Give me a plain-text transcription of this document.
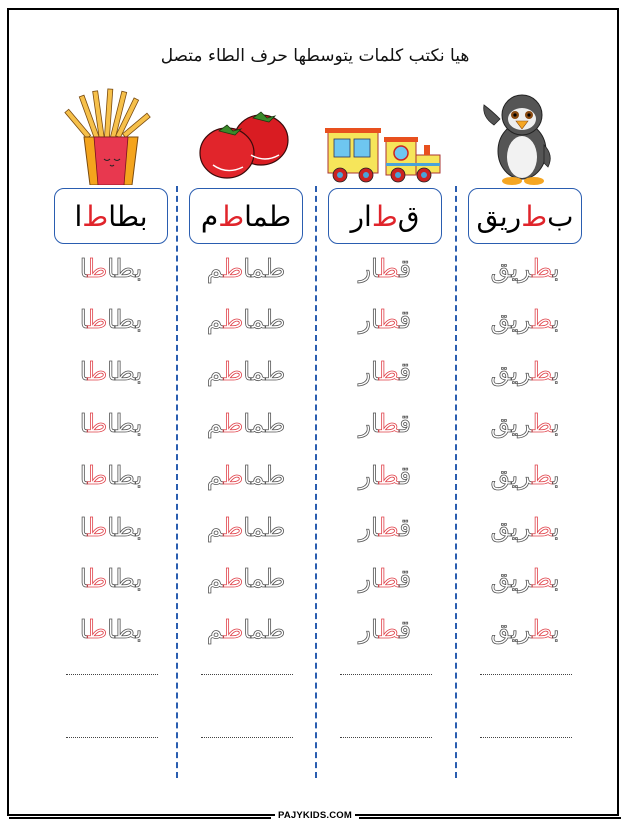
هيا نكتب كلمات يتوسطها حرف الطاء متصل
بطا
ط
ا	طما
ط
م	ق
ط
ار	ب
ط
ريق
بطاطا
بطاطا
بطاطا
بطاطا
بطاطا
بطاطا
بطاطا
بطاطا
طماطم
طماطم
طماطم
طماطم
طماطم
طماطم
طماطم
طماطم
قطار
قطار
قطار
قطار
قطار
قطار
قطار
قطار
بطريق
بطريق
بطريق
بطريق
بطريق
بطريق
بطريق
بطريق
PAJYKIDS.COM
